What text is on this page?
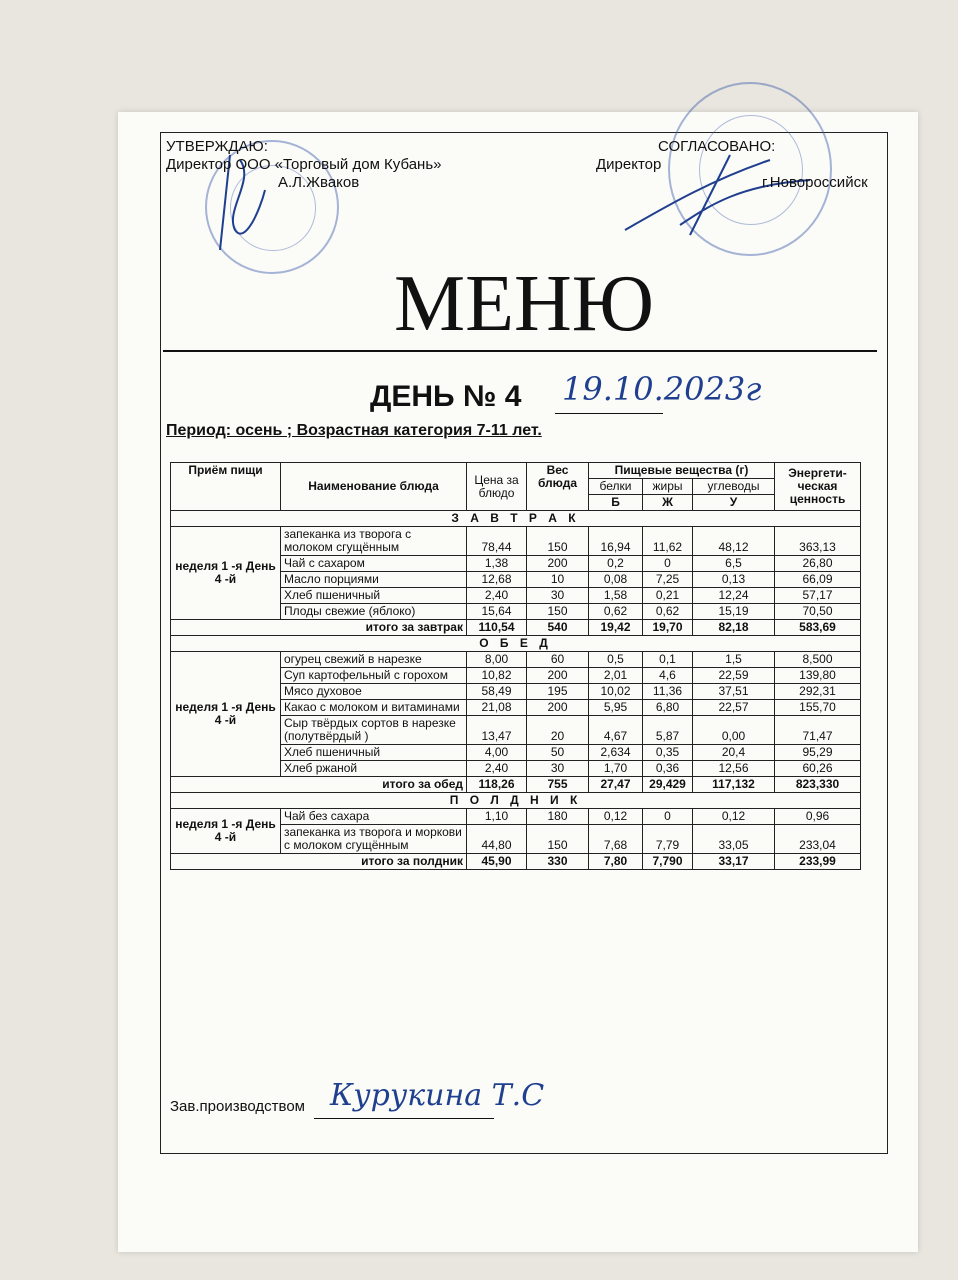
УТВЕРЖДАЮ:
Директор ООО «Торговый дом Кубань»
А.Л.Жваков
СОГЛАСОВАНО:
Директор
г.Новороссийск
МЕНЮ
ДЕНЬ № 4 19.10.2023г
Период: осень ; Возрастная категория 7-11 лет.
Приём пищи	Наименование блюда	Цена за блюдо	Вес блюда	Пищевые вещества (г)			Энергети-ческая ценность
				белки	жиры	углеводы	
				Б	Ж	У	
З А В Т Р А К							
неделя 1 -я День 4 -й	запеканка из творога с молоком сгущённым	78,44	150	16,94	11,62	48,12	363,13
	Чай с сахаром	1,38	200	0,2	0	6,5	26,80
	Масло порциями	12,68	10	0,08	7,25	0,13	66,09
	Хлеб пшеничный	2,40	30	1,58	0,21	12,24	57,17
	Плоды свежие (яблоко)	15,64	150	0,62	0,62	15,19	70,50
итого за завтрак		110,54	540	19,42	19,70	82,18	583,69
О Б Е Д							
неделя 1 -я День 4 -й	огурец свежий в нарезке	8,00	60	0,5	0,1	1,5	8,500
	Суп картофельный с горохом	10,82	200	2,01	4,6	22,59	139,80
	Мясо духовое	58,49	195	10,02	11,36	37,51	292,31
	Какао с молоком и витаминами	21,08	200	5,95	6,80	22,57	155,70
	Сыр твёрдых сортов в нарезке (полутвёрдый )	13,47	20	4,67	5,87	0,00	71,47
	Хлеб пшеничный	4,00	50	2,634	0,35	20,4	95,29
	Хлеб ржаной	2,40	30	1,70	0,36	12,56	60,26
итого за обед		118,26	755	27,47	29,429	117,132	823,330
П О Л Д Н И К							
неделя 1 -я День 4 -й	Чай без сахара	1,10	180	0,12	0	0,12	0,96
	запеканка из творога и моркови с молоком сгущённым	44,80	150	7,68	7,79	33,05	233,04
итого за полдник		45,90	330	7,80	7,790	33,17	233,99
Зав.производством Курукина Т.С
